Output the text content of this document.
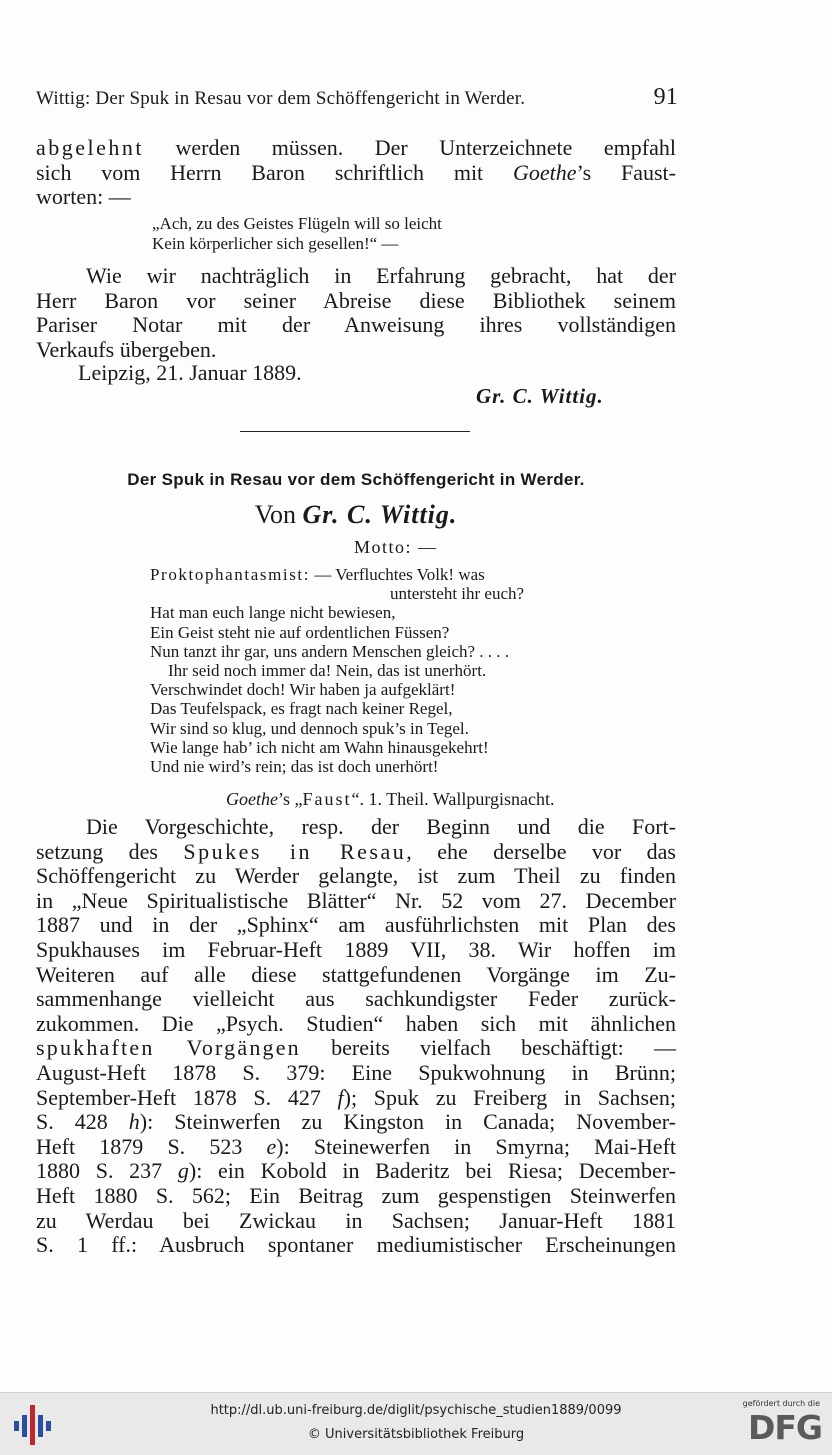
Wittig: Der Spuk in Resau vor dem Schöffengericht in Werder.	91
abgelehnt werden müssen. Der Unterzeichnete empfahl
sich vom Herrn Baron schriftlich mit Goethe’s Faust-
worten: —
„Ach, zu des Geistes Flügeln will so leicht
Kein körperlicher sich gesellen!“ —
Wie wir nachträglich in Erfahrung gebracht, hat der
Herr Baron vor seiner Abreise diese Bibliothek seinem
Pariser Notar mit der Anweisung ihres vollständigen
Verkaufs übergeben.
Leipzig, 21. Januar 1889.
Gr. C. Wittig.
Der Spuk in Resau vor dem Schöffengericht in Werder.
Von Gr. C. Wittig.
Motto: —
Proktophantasmist: — Verfluchtes Volk! was
untersteht ihr euch?
Hat man euch lange nicht bewiesen,
Ein Geist steht nie auf ordentlichen Füssen?
Nun tanzt ihr gar, uns andern Menschen gleich? . . . .
Ihr seid noch immer da! Nein, das ist unerhört.
Verschwindet doch! Wir haben ja aufgeklärt!
Das Teufelspack, es fragt nach keiner Regel,
Wir sind so klug, und dennoch spuk’s in Tegel.
Wie lange hab’ ich nicht am Wahn hinausgekehrt!
Und nie wird’s rein; das ist doch unerhört!
Goethe’s „Faust“. 1. Theil. Wallpurgisnacht.
Die Vorgeschichte, resp. der Beginn und die Fort-
setzung des Spukes in Resau, ehe derselbe vor das
Schöffengericht zu Werder gelangte, ist zum Theil zu finden
in „Neue Spiritualistische Blätter“ Nr. 52 vom 27. December
1887 und in der „Sphinx“ am ausführlichsten mit Plan des
Spukhauses im Februar-Heft 1889 VII, 38. Wir hoffen im
Weiteren auf alle diese stattgefundenen Vorgänge im Zu-
sammenhange vielleicht aus sachkundigster Feder zurück-
zukommen. Die „Psych. Studien“ haben sich mit ähnlichen
spukhaften Vorgängen bereits vielfach beschäftigt: —
August-Heft 1878 S. 379: Eine Spukwohnung in Brünn;
September-Heft 1878 S. 427 f); Spuk zu Freiberg in Sachsen;
S. 428 h): Steinwerfen zu Kingston in Canada; November-
Heft 1879 S. 523 e): Steinewerfen in Smyrna; Mai-Heft
1880 S. 237 g): ein Kobold in Baderitz bei Riesa; December-
Heft 1880 S. 562; Ein Beitrag zum gespenstigen Steinwerfen
zu Werdau bei Zwickau in Sachsen; Januar-Heft 1881
S. 1 ff.: Ausbruch spontaner mediumistischer Erscheinungen
http://dl.ub.uni-freiburg.de/diglit/psychische_studien1889/0099
© Universitätsbibliothek Freiburg
gefördert durch die
DFG
